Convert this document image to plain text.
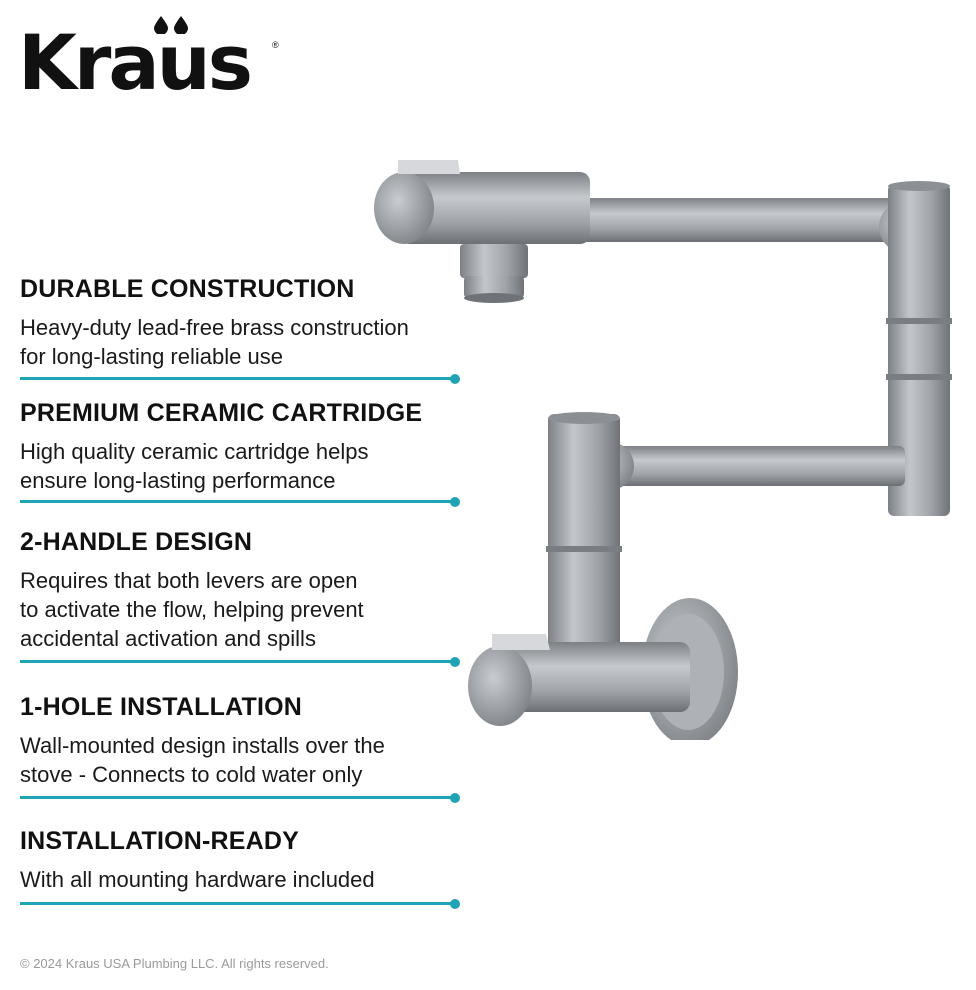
Kraus ®
DURABLE CONSTRUCTION

Heavy-duty lead-free brass construction
for long-lasting reliable use

PREMIUM CERAMIC CARTRIDGE

High quality ceramic cartridge helps
ensure long-lasting performance

2-HANDLE DESIGN

Requires that both levers are open
to activate the flow, helping prevent
accidental activation and spills

1-HOLE INSTALLATION

Wall-mounted design installs over the
stove - Connects to cold water only

INSTALLATION-READY

With all mounting hardware included

© 2024 Kraus USA Plumbing LLC. All rights reserved.
